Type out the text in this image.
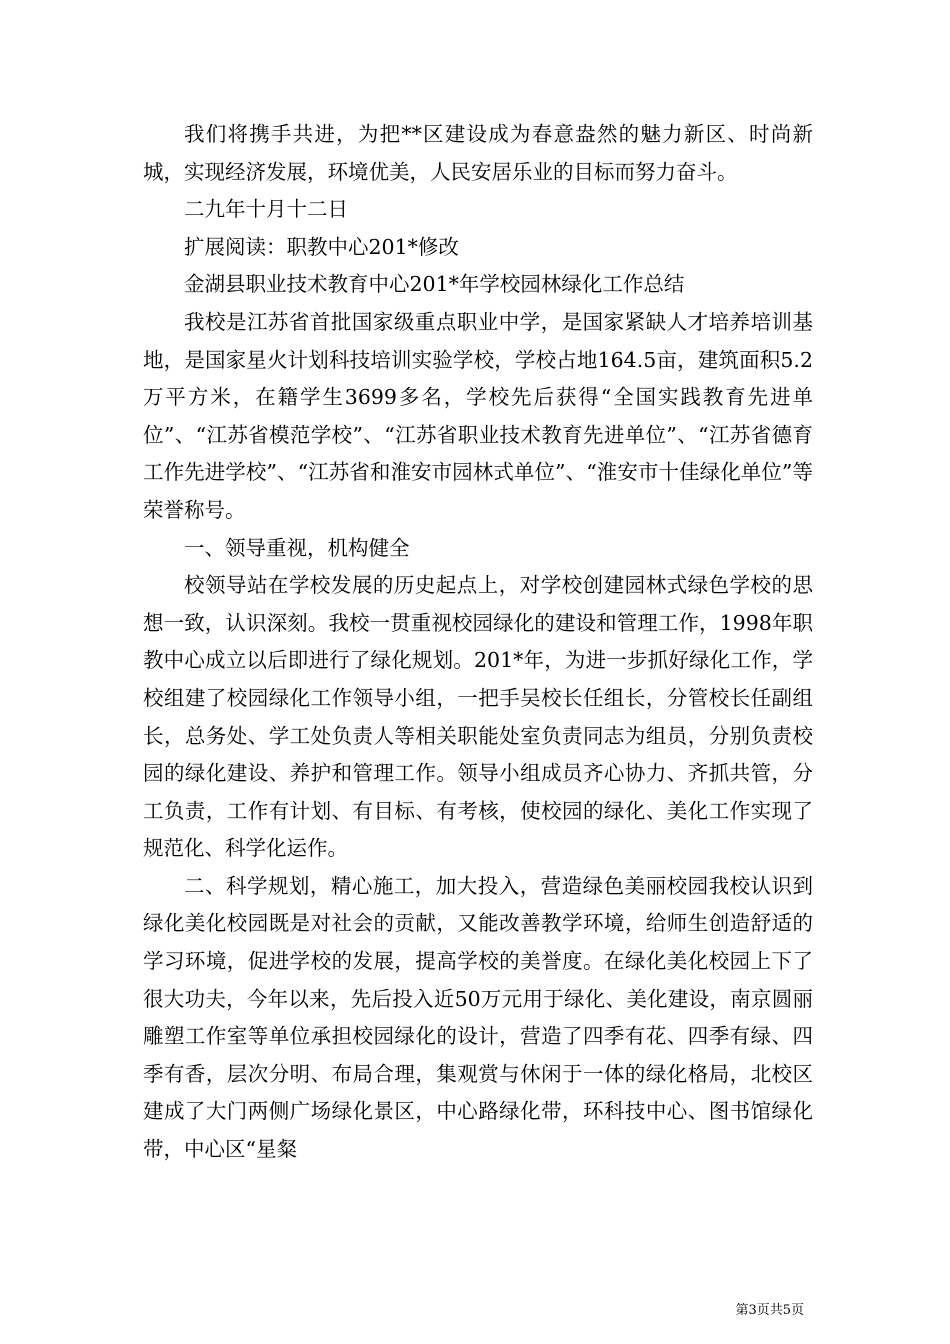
我们将携手共进，为把**区建设成为春意盎然的魅力新区、时尚新城，实现经济发展，环境优美，人民安居乐业的目标而努力奋斗。

二九年十月十二日

扩展阅读：职教中心201*修改

金湖县职业技术教育中心201*年学校园林绿化工作总结

我校是江苏省首批国家级重点职业中学，是国家紧缺人才培养培训基地，是国家星火计划科技培训实验学校，学校占地164.5亩，建筑面积5.2万平方米，在籍学生3699多名，学校先后获得“全国实践教育先进单位”、“江苏省模范学校”、“江苏省职业技术教育先进单位”、“江苏省德育工作先进学校”、“江苏省和淮安市园林式单位”、“淮安市十佳绿化单位”等荣誉称号。

一、领导重视，机构健全

校领导站在学校发展的历史起点上，对学校创建园林式绿色学校的思想一致，认识深刻。我校一贯重视校园绿化的建设和管理工作，1998年职教中心成立以后即进行了绿化规划。201*年，为进一步抓好绿化工作，学校组建了校园绿化工作领导小组，一把手吴校长任组长，分管校长任副组长，总务处、学工处负责人等相关职能处室负责同志为组员，分别负责校园的绿化建设、养护和管理工作。领导小组成员齐心协力、齐抓共管，分工负责，工作有计划、有目标、有考核，使校园的绿化、美化工作实现了规范化、科学化运作。

二、科学规划，精心施工，加大投入，营造绿色美丽校园我校认识到绿化美化校园既是对社会的贡献，又能改善教学环境，给师生创造舒适的学习环境，促进学校的发展，提高学校的美誉度。在绿化美化校园上下了很大功夫，今年以来，先后投入近50万元用于绿化、美化建设，南京圆丽雕塑工作室等单位承担校园绿化的设计，营造了四季有花、四季有绿、四季有香，层次分明、布局合理，集观赏与休闲于一体的绿化格局，北校区建成了大门两侧广场绿化景区，中心路绿化带，环科技中心、图书馆绿化带，中心区“星粲

第3页共5页
